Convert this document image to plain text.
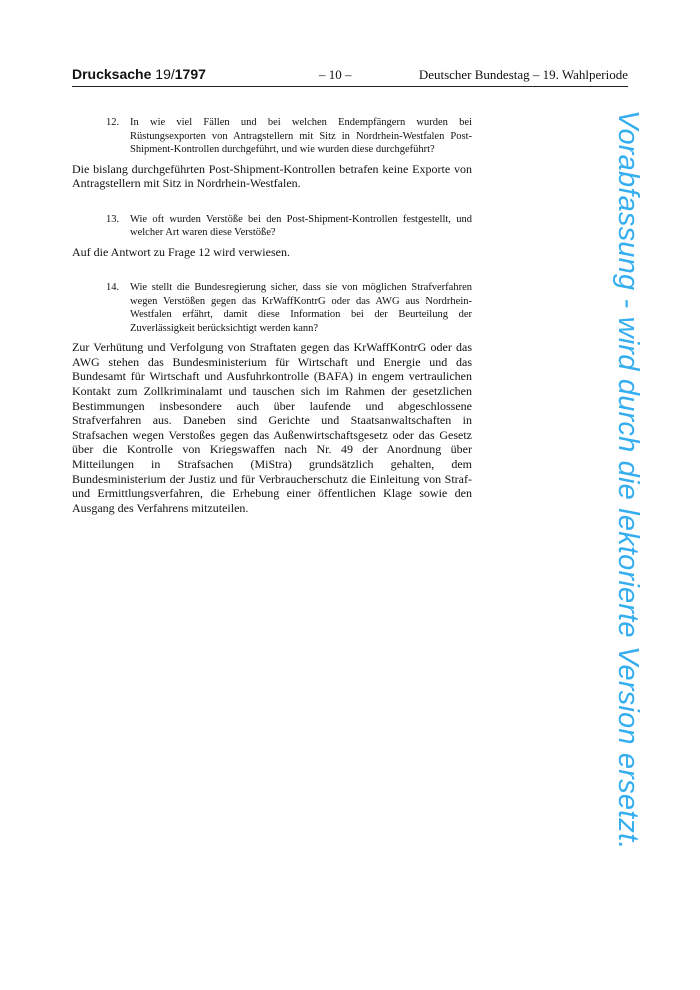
Drucksache 19/1797	– 10 –	Deutscher Bundestag – 19. Wahlperiode
12. In wie viel Fällen und bei welchen Endempfängern wurden bei Rüstungsexporten von Antragstellern mit Sitz in Nordrhein-Westfalen Post-Shipment-Kontrollen durchgeführt, und wie wurden diese durchgeführt?

Die bislang durchgeführten Post-Shipment-Kontrollen betrafen keine Exporte von Antragstellern mit Sitz in Nordrhein-Westfalen.

13. Wie oft wurden Verstöße bei den Post-Shipment-Kontrollen festgestellt, und welcher Art waren diese Verstöße?

Auf die Antwort zu Frage 12 wird verwiesen.

14. Wie stellt die Bundesregierung sicher, dass sie von möglichen Strafverfahren wegen Verstößen gegen das KrWaffKontrG oder das AWG aus Nordrhein-Westfalen erfährt, damit diese Information bei der Beurteilung der Zuverlässigkeit berücksichtigt werden kann?

Zur Verhütung und Verfolgung von Straftaten gegen das KrWaffKontrG oder das AWG stehen das Bundesministerium für Wirtschaft und Energie und das Bundesamt für Wirtschaft und Ausfuhrkontrolle (BAFA) in engem vertraulichen Kontakt zum Zollkriminalamt und tauschen sich im Rahmen der gesetzlichen Bestimmungen insbesondere auch über laufende und abgeschlossene Strafverfahren aus. Daneben sind Gerichte und Staatsanwaltschaften in Strafsachen wegen Verstoßes gegen das Außenwirtschaftsgesetz oder das Gesetz über die Kontrolle von Kriegswaffen nach Nr. 49 der Anordnung über Mitteilungen in Strafsachen (MiStra) grundsätzlich gehalten, dem Bundesministerium der Justiz und für Verbraucherschutz die Einleitung von Straf- und Ermittlungsverfahren, die Erhebung einer öffentlichen Klage sowie den Ausgang des Verfahrens mitzuteilen.	Vorabfassung - wird durch die lektorierte Version ersetzt.
